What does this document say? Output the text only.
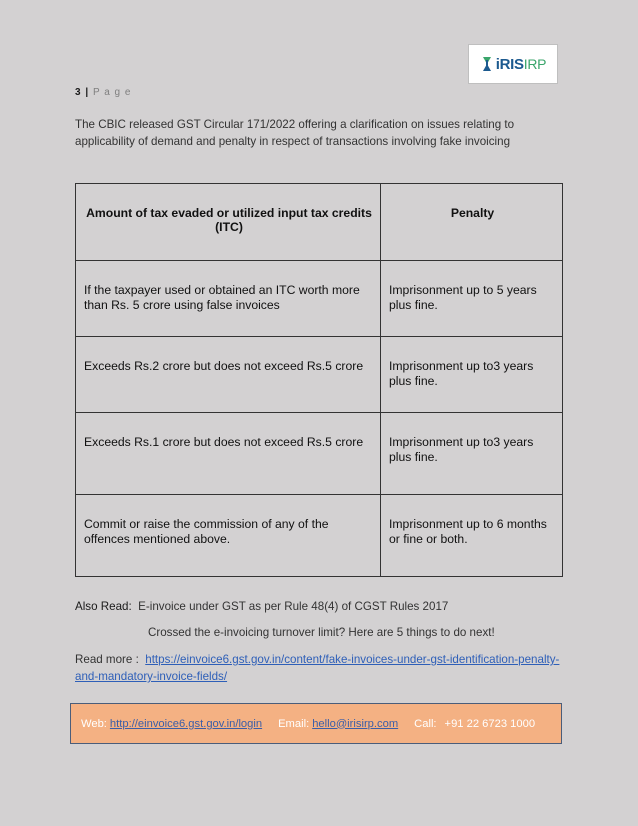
iRISIRP
3 | P a g e

The CBIC released GST Circular 171/2022 offering a clarification on issues relating to applicability of demand and penalty in respect of transactions involving fake invoicing

Amount of tax evaded or utilized input tax credits (ITC)	Penalty
If the taxpayer used or obtained an ITC worth more than Rs. 5 crore using false invoices	Imprisonment up to 5 years plus fine.
Exceeds Rs.2 crore but does not exceed Rs.5 crore	Imprisonment up to3 years plus fine.
Exceeds Rs.1 crore but does not exceed Rs.5 crore	Imprisonment up to3 years plus fine.
Commit or raise the commission of any of the offences mentioned above.	Imprisonment up to 6 months or fine or both.
Also Read: E-invoice under GST as per Rule 48(4) of CGST Rules 2017
Crossed the e-invoicing turnover limit? Here are 5 things to do next!

Read more : https://einvoice6.gst.gov.in/content/fake-invoices-under-gst-identification-penalty-and-mandatory-invoice-fields/

Web: http://einvoice6.gst.gov.in/login Email: hello@irisirp.com Call: +91 22 6723 1000
